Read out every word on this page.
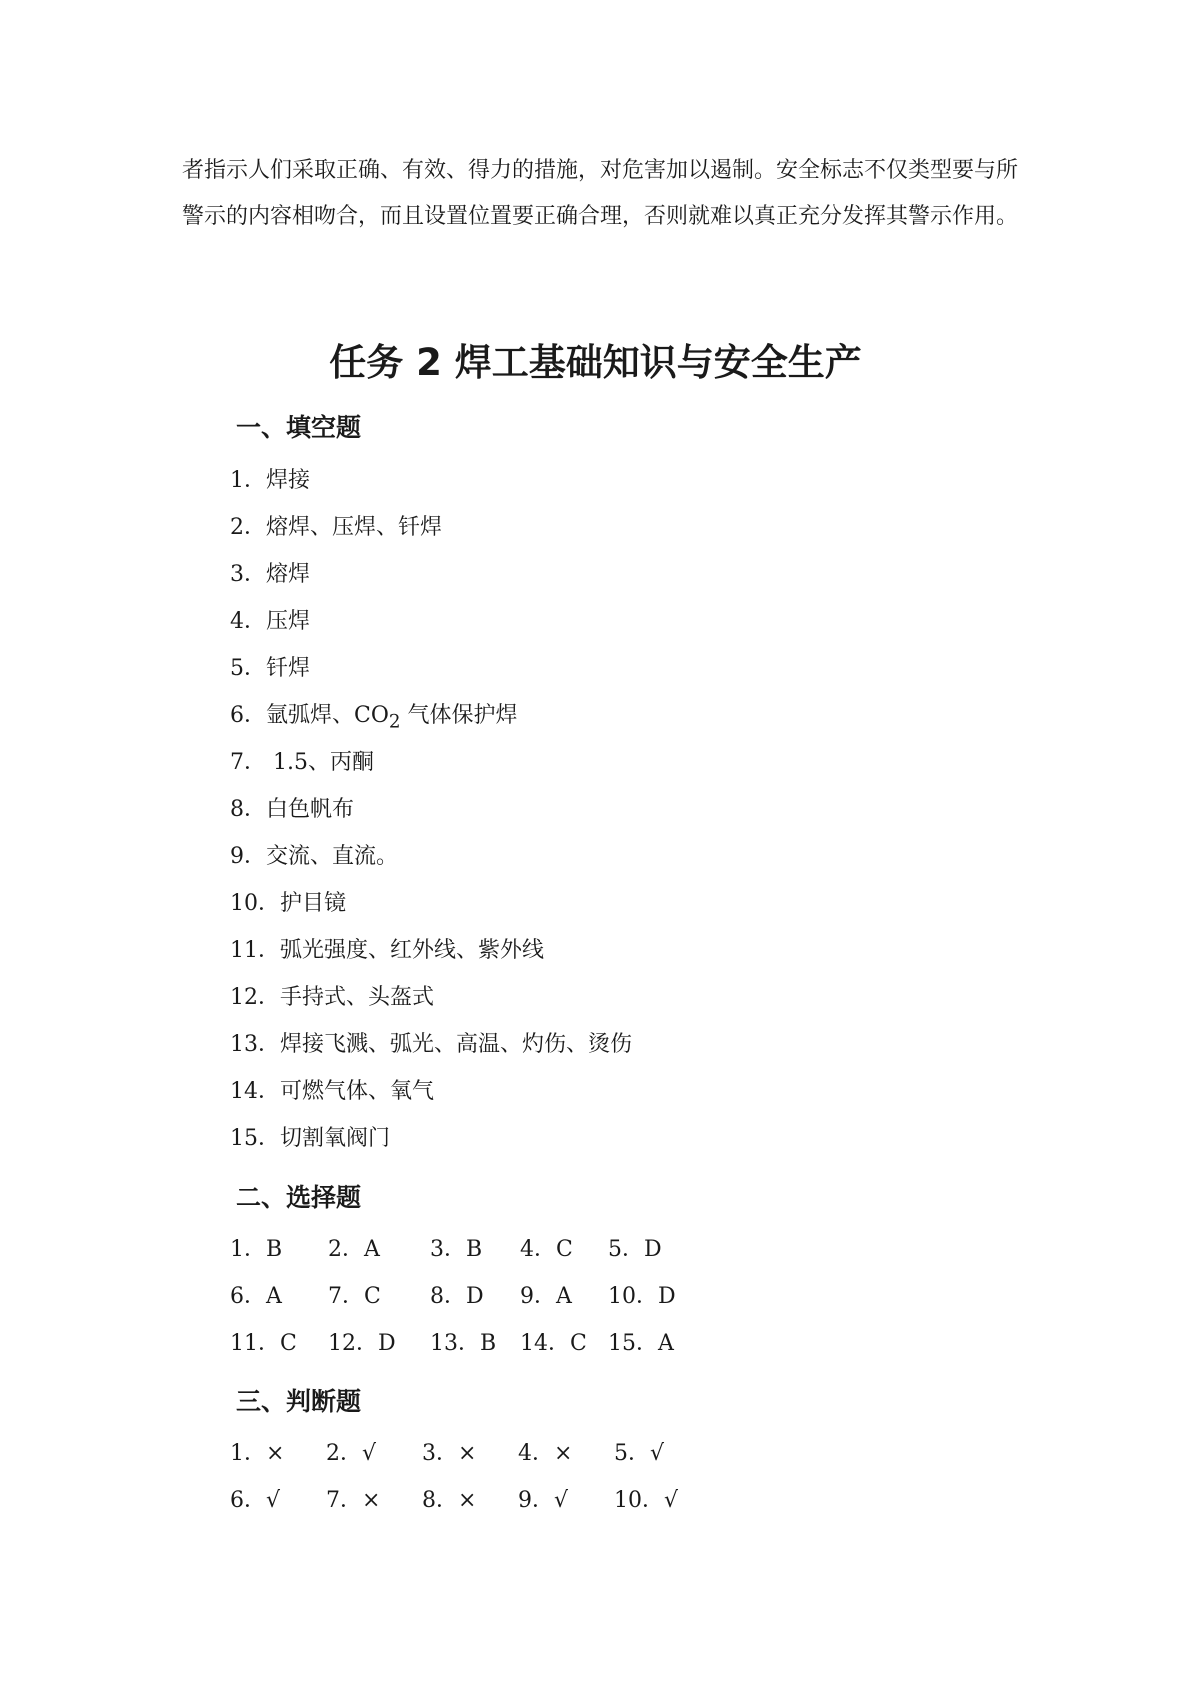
者指示人们采取正确、有效、得力的措施，对危害加以遏制。安全标志不仅类型要与所警示的内容相吻合，而且设置位置要正确合理，否则就难以真正充分发挥其警示作用。

任务 2 焊工基础知识与安全生产
一、填空题
1．焊接
2．熔焊、压焊、钎焊
3．熔焊
4．压焊
5．钎焊
6．氩弧焊、$CO_2$ 气体保护焊
7． 1.5、丙酮
8．白色帆布
9．交流、直流。
10．护目镜
11．弧光强度、红外线、紫外线
12．手持式、头盔式
13．焊接飞溅、弧光、高温、灼伤、烫伤
14．可燃气体、氧气
15．切割氧阀门
二、选择题
1．B 2．A 3．B 4．C 5．D
6．A 7．C 8．D 9．A 10．D
11．C 12．D 13．B 14．C 15．A
三、判断题
1．× 2．√ 3．× 4．× 5．√
6．√ 7．× 8．× 9．√ 10．√
